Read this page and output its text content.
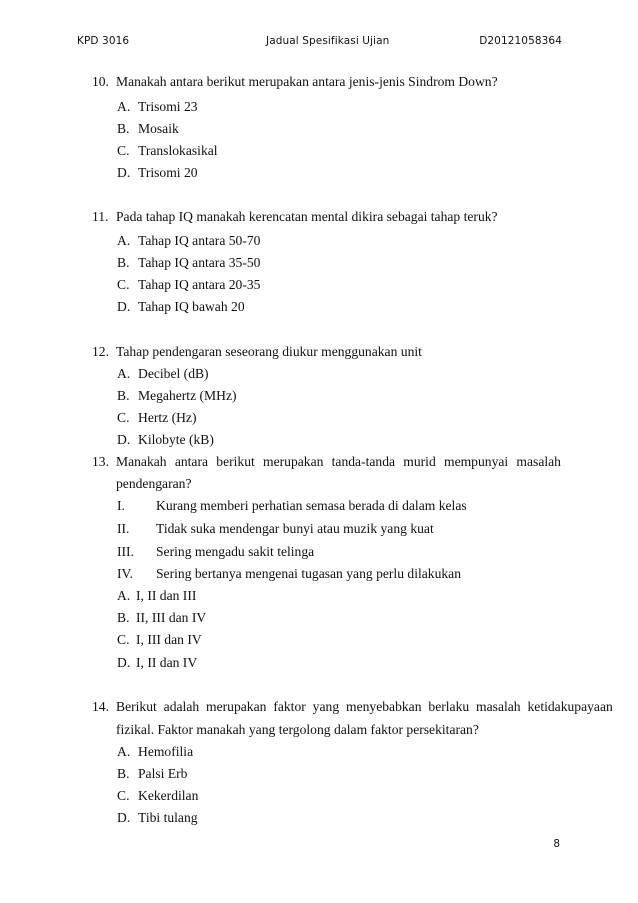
KPD 3016	Jadual Spesifikasi Ujian	D20121058364
10. Manakah antara berikut merupakan antara jenis-jenis Sindrom Down?
A. Trisomi 23
B. Mosaik
C. Translokasikal
D. Trisomi 20
11. Pada tahap IQ manakah kerencatan mental dikira sebagai tahap teruk?
A. Tahap IQ antara 50-70
B. Tahap IQ antara 35-50
C. Tahap IQ antara 20-35
D. Tahap IQ bawah 20
12. Tahap pendengaran seseorang diukur menggunakan unit
A. Decibel (dB)
B. Megahertz (MHz)
C. Hertz (Hz)
D. Kilobyte (kB)
13. Manakah antara berikut merupakan tanda-tanda murid mempunyai masalah
pendengaran?
I. Kurang memberi perhatian semasa berada di dalam kelas
II. Tidak suka mendengar bunyi atau muzik yang kuat
III. Sering mengadu sakit telinga
IV. Sering bertanya mengenai tugasan yang perlu dilakukan
A. I, II dan III
B. II, III dan IV
C. I, III dan IV
D. I, II dan IV
14. Berikut adalah merupakan faktor yang menyebabkan berlaku masalah ketidakupayaan
fizikal. Faktor manakah yang tergolong dalam faktor persekitaran?
A. Hemofilia
B. Palsi Erb
C. Kekerdilan
D. Tibi tulang
8
